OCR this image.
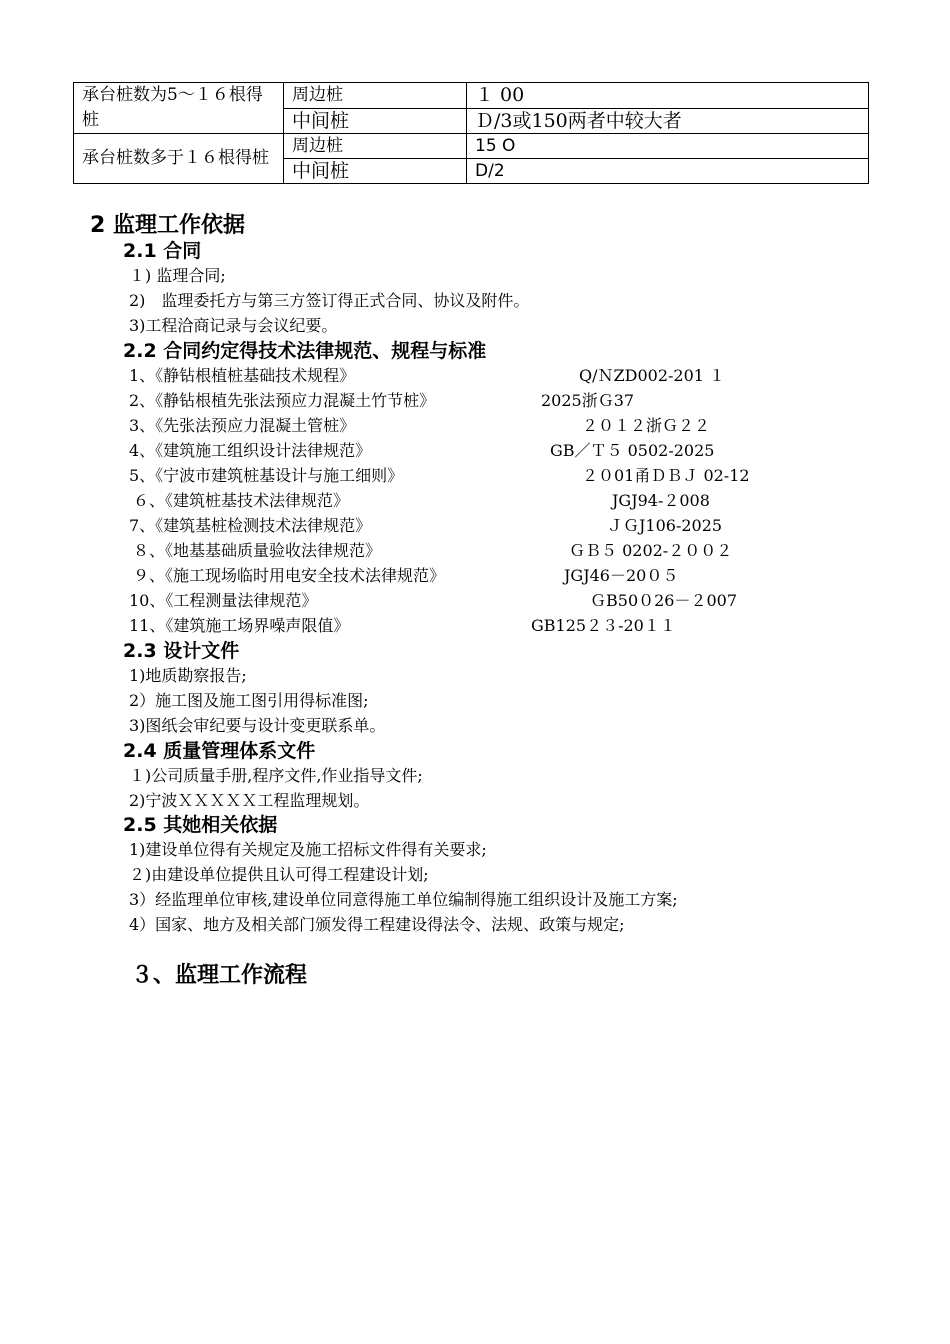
承台桩数为5～１６根得桩	周边桩	１ 00
	中间桩	Ｄ/3或150两者中较大者
承台桩数多于１６根得桩	周边桩	15 O
	中间桩	D/2
2 监理工作依据
2.1 合同
１) 监理合同;
2)　监理委托方与第三方签订得正式合同、协议及附件。
3)工程洽商记录与会议纪要。
2.2 合同约定得技术法律规范、规程与标准
1、《静钻根植桩基础技术规程》	Q/ＮZD002-201 １
2、《静钻根植先张法预应力混凝土竹节桩》	2025浙Ｇ37
3、《先张法预应力混凝土管桩》	２０１２浙Ｇ２２
4、《建筑施工组织设计法律规范》	GB／Ｔ５ 0502-2025
5、《宁波市建筑桩基设计与施工细则》	２０01甬ＤＢＪ 02-12
６、《建筑桩基技术法律规范》	JGJ94-２008
7、《建筑基桩检测技术法律规范》	ＪＧJ106-2025
８、《地基基础质量验收法律规范》	ＧＢ５ 0202-２００２
９、《施工现场临时用电安全技术法律规范》	JGJ46－20０５
10、《工程测量法律规范》	ＧB50０26－２007
11、《建筑施工场界噪声限值》	GB125２３-20１１
2.3 设计文件
1)地质勘察报告;
2）施工图及施工图引用得标准图;
3)图纸会审纪要与设计变更联系单。
2.4 质量管理体系文件
１)公司质量手册,程序文件,作业指导文件;
2)宁波ＸＸＸＸＸ工程监理规划。
2.5 其她相关依据
1)建设单位得有关规定及施工招标文件得有关要求;
２)由建设单位提供且认可得工程建设计划;
3）经监理单位审核,建设单位同意得施工单位编制得施工组织设计及施工方案;
4）国家、地方及相关部门颁发得工程建设得法令、法规、政策与规定;
３、监理工作流程
